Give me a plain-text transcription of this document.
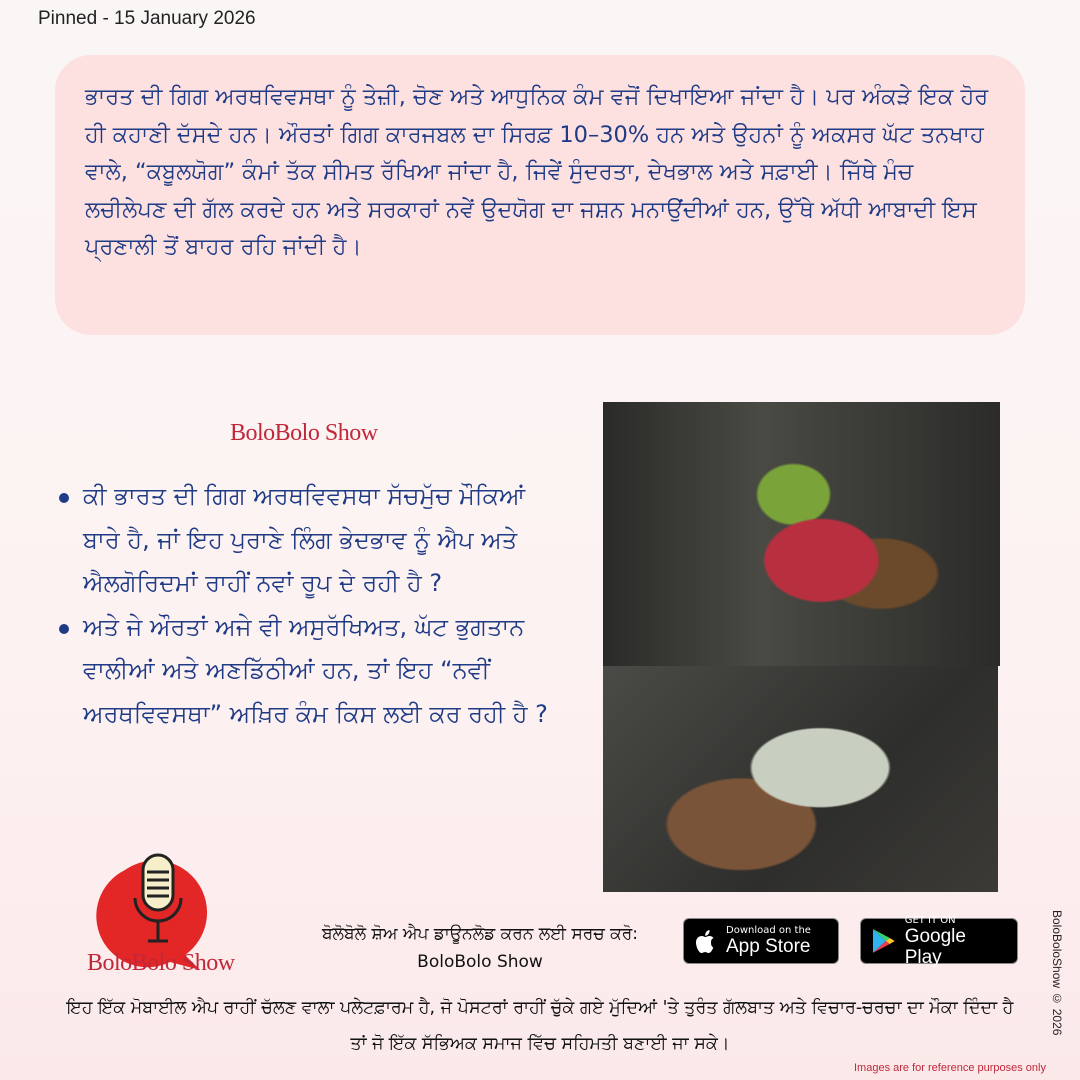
Pinned - 15 January 2026
ਭਾਰਤ ਦੀ ਗਿਗ ਅਰਥਵਿਵਸਥਾ ਨੂੰ ਤੇਜ਼ੀ, ਚੋਣ ਅਤੇ ਆਧੁਨਿਕ ਕੰਮ ਵਜੋਂ ਦਿਖਾਇਆ ਜਾਂਦਾ ਹੈ। ਪਰ ਅੰਕੜੇ ਇਕ ਹੋਰ ਹੀ ਕਹਾਣੀ ਦੱਸਦੇ ਹਨ। ਔਰਤਾਂ ਗਿਗ ਕਾਰਜਬਲ ਦਾ ਸਿਰਫ਼ 10–30% ਹਨ ਅਤੇ ਉਹਨਾਂ ਨੂੰ ਅਕਸਰ ਘੱਟ ਤਨਖਾਹ ਵਾਲੇ, “ਕਬੂਲਯੋਗ” ਕੰਮਾਂ ਤੱਕ ਸੀਮਤ ਰੱਖਿਆ ਜਾਂਦਾ ਹੈ, ਜਿਵੇਂ ਸੁੰਦਰਤਾ, ਦੇਖਭਾਲ ਅਤੇ ਸਫ਼ਾਈ। ਜਿੱਥੇ ਮੰਚ ਲਚੀਲੇਪਣ ਦੀ ਗੱਲ ਕਰਦੇ ਹਨ ਅਤੇ ਸਰਕਾਰਾਂ ਨਵੇਂ ਉਦਯੋਗ ਦਾ ਜਸ਼ਨ ਮਨਾਉਂਦੀਆਂ ਹਨ, ਉੱਥੇ ਅੱਧੀ ਆਬਾਦੀ ਇਸ ਪ੍ਰਣਾਲੀ ਤੋਂ ਬਾਹਰ ਰਹਿ ਜਾਂਦੀ ਹੈ।
BoloBolo Show
ਕੀ ਭਾਰਤ ਦੀ ਗਿਗ ਅਰਥਵਿਵਸਥਾ ਸੱਚਮੁੱਚ ਮੌਕਿਆਂ ਬਾਰੇ ਹੈ, ਜਾਂ ਇਹ ਪੁਰਾਣੇ ਲਿੰਗ ਭੇਦਭਾਵ ਨੂੰ ਐਪ ਅਤੇ ਐਲਗੋਰਿਦਮਾਂ ਰਾਹੀਂ ਨਵਾਂ ਰੂਪ ਦੇ ਰਹੀ ਹੈ ?
ਅਤੇ ਜੇ ਔਰਤਾਂ ਅਜੇ ਵੀ ਅਸੁਰੱਖਿਅਤ, ਘੱਟ ਭੁਗਤਾਨ ਵਾਲੀਆਂ ਅਤੇ ਅਣਡਿੱਠੀਆਂ ਹਨ, ਤਾਂ ਇਹ “ਨਵੀਂ ਅਰਥਵਿਵਸਥਾ” ਅਖ਼ਿਰ ਕੰਮ ਕਿਸ ਲਈ ਕਰ ਰਹੀ ਹੈ ?
BoloBolo Show
ਬੋਲੋਬੋਲੋ ਸ਼ੋਅ ਐਪ ਡਾਊਨਲੋਡ ਕਰਨ ਲਈ ਸਰਚ ਕਰੋ:
BoloBolo Show
Download on the
App Store
GET IT ON
Google Play
ਇਹ ਇੱਕ ਮੋਬਾਈਲ ਐਪ ਰਾਹੀਂ ਚੱਲਣ ਵਾਲਾ ਪਲੇਟਫ਼ਾਰਮ ਹੈ, ਜੋ ਪੋਸਟਰਾਂ ਰਾਹੀਂ ਚੁੱਕੇ ਗਏ ਮੁੱਦਿਆਂ 'ਤੇ ਤੁਰੰਤ ਗੱਲਬਾਤ ਅਤੇ ਵਿਚਾਰ-ਚਰਚਾ ਦਾ ਮੌਕਾ ਦਿੰਦਾ ਹੈ ਤਾਂ ਜੋ ਇੱਕ ਸੱਭਿਅਕ ਸਮਾਜ ਵਿੱਚ ਸਹਿਮਤੀ ਬਣਾਈ ਜਾ ਸਕੇ।
BoloBoloShow © 2026
Images are for reference purposes only
